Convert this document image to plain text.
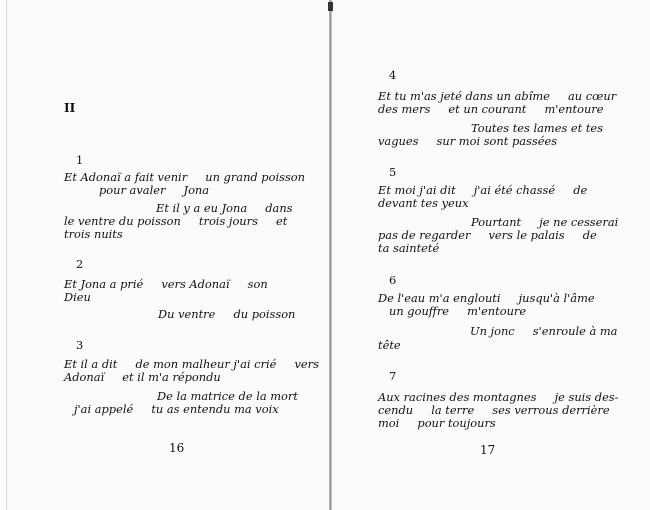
II
1
Et Adonaï a fait venir     un grand poisson
pour avaler     Jona
Et il y a eu Jona     dans
le ventre du poisson     trois jours     et
trois nuits
2
Et Jona a prié     vers Adonaï     son
Dieu
Du ventre     du poisson
3
Et il a dit     de mon malheur j'ai crié     vers
Adonaï     et il m'a répondu
De la matrice de la mort
j'ai appelé     tu as entendu ma voix
16
4
Et tu m'as jeté dans un abîme     au cœur
des mers     et un courant     m'entoure
Toutes tes lames et tes
vagues     sur moi sont passées
5
Et moi j'ai dit     j'ai été chassé     de
devant tes yeux
Pourtant     je ne cesserai
pas de regarder     vers le palais     de
ta sainteté
6
De l'eau m'a englouti     jusqu'à l'âme
un gouffre     m'entoure
Un jonc     s'enroule à ma
tête
7
Aux racines des montagnes     je suis des-
cendu     la terre     ses verrous derrière
moi     pour toujours
17
